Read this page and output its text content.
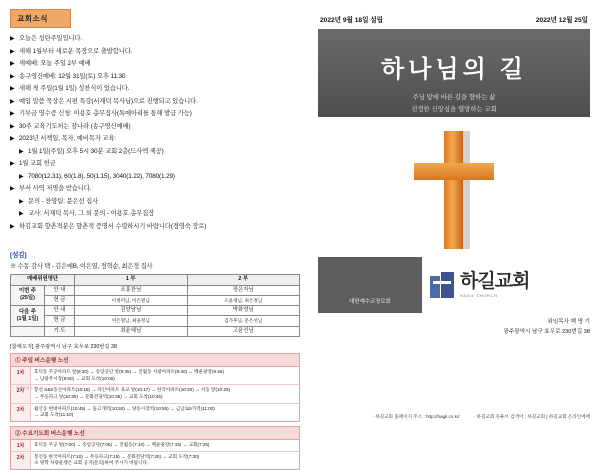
교회소식
▶ 오늘은 성탄주일입니다.
▶ 새해 1월부터 새로운 목장으로 출발합니다.
▶ 새예배: 오늘 주일 2부 예배
▶ 송구영신예배: 12월 31일(토) 오후 11:30
▶ 새해 첫 주일(1월 1일) 성찬식이 있습니다.
▶ 예입 말씀 묵상은 시편 특강(서재덕 목사님)으로 진행되고 있습니다.
▶ 기부금 영수증 신청: 이용호 총무집사(톡메아리를 통해 발급 가능)
▶ 30주 교육기도처는 잠나라 (송구영신예배)
▶ 2023년 서책일, 목자, 예비목자 교육:
▶ 1월 1일(주일) 오후 5시 30분 교회 2층(드사액 제공)
▶ 1월 교회 헌금
▶ 7080(12.31), 60(1.8), 50(1.15), 3040(1.22), 7080(1.29)
▶ 부서 사역 저명을 받습니다.
▶ 문의 - 찬양팀: 문은선 집사
▶ 교사: 서재덕 목사, 그 외 문의 - 이용호 총무집장
▶ 하김교회 향촌적분은 향촌적 증명서 수령하시기 바랍니다(정영숙 장로)
[섬김]
※ 수동 감사 택 - 김은애B, 이은열, 정혁순, 최은정 집사
예배위원명단		1 부	2 부
이번 주
(25일)	안 내	조홍찬님	장은자님
	헌 금	이정미님, 이은열님	오윤정님, 최은정님
다음 주
(1월 1일)	안 내	김양남님	박화영님
	헌 금	이은열님, 최윤정님	김가후님, 문은선님
	기 도	최윤혜님	고윤선님
[참예오지] 광주광역시 남구 효우로 230번길 38
① 주일 버스운행 노선
1차	효덕동 주공아파트 앞(9:30) → 송암공단 앞(9:35) → 진월동 서광아파트(9:40) → 백운광장(9:45)
→ 남광주시장(9:50) → 교회 도착(10:00)
2차	봉선 S&S동산아파트(10:15) → 라인아파트 육교 앞(10:17) → 한국아파트(10:20) → 서동 앞(10:25)
→ 무등파크 앞(10:30) → 문화전당역(10:35) → 교회 도착(10:45)
3차	월산동 현대아파트(10:45) → 돌고개역(10:50) → 양동시장역(10:55) → 금남로5가역(11:00)
→ 교회 도착(11:10)
② 수요기도회 버스운행 노선
1차	효덕동 주공 앞(7:00) → 송암공단(7:05) → 진월동(7:10) → 백운광장(7:15) → 교회(7:25)
2차	봉선동 한국아파트(7:10) → 무등파크(7:15) → 문화전당역(7:20) → 교회 도착(7:30)
※ 방학 차량운행은 교회 공지(문의)하여 주시기 바랍니다.
하김교회 주보
2022년 9월 18일 설립	2022년 12월 25일
하나님의 길
주님 앞에 바른 길을 향하는 삶
진정한 신앙심을 열망하는 교회
대한예수교장로회
하길교회
HAGIL CHURCH
위임목사 백 명 기
광주광역시 남구 효우로 230번길 38
· 하길교회 홈페이지 주소 : http://hagil.co.kr/	· 하길교회 유튜브 검색어 : 하길교회 | 하길교회 온라인예배
